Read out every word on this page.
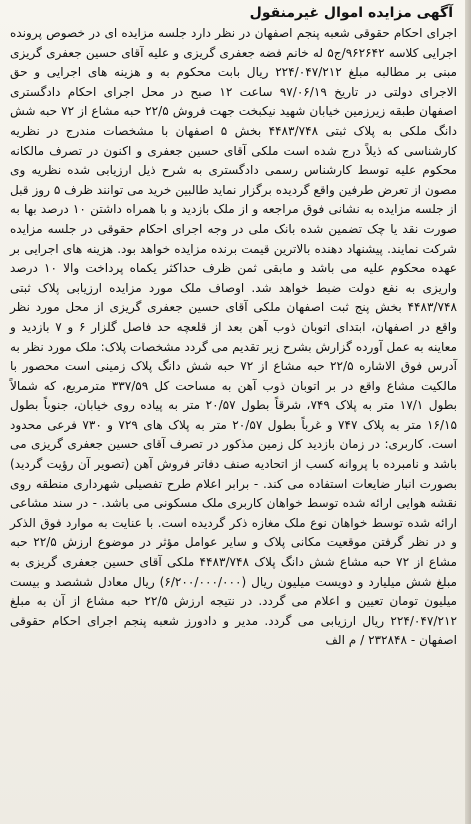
آگهی مزایده اموال غیرمنقول

اجرای احکام حقوقی شعبه پنجم اصفهان در نظر دارد جلسه مزایده ای در خصوص پرونده اجرایی کلاسه ۹۶۲۶۴۲/ج۵ له خانم فضه جعفری گریزی و علیه آقای حسین جعفری گریزی مبنی بر مطالبه مبلغ ۲۲۴/۰۴۷/۲۱۲ ریال بابت محکوم به و هزینه های اجرایی و حق الاجرای دولتی در تاریخ ۹۷/۰۶/۱۹ ساعت ۱۲ صبح در محل اجرای احکام دادگستری اصفهان طبقه زیرزمین خیابان شهید نیکبخت جهت فروش ۲۲/۵ حبه مشاع از ۷۲ حبه شش دانگ ملکی به پلاک ثبتی ۴۴۸۳/۷۴۸ بخش ۵ اصفهان با مشخصات مندرج در نظریه کارشناسی که ذیلاً درج شده است ملکی آقای حسین جعفری و اکنون در تصرف مالکانه محکوم علیه توسط کارشناس رسمی دادگستری به شرح ذیل ارزیابی شده نظریه وی مصون از تعرض طرفین واقع گردیده برگزار نماید طالبین خرید می توانند ظرف ۵ روز قبل از جلسه مزایده به نشانی فوق مراجعه و از ملک بازدید و با همراه داشتن ۱۰ درصد بها به صورت نقد یا چک تضمین شده بانک ملی در وجه اجرای احکام حقوقی در جلسه مزایده شرکت نمایند. پیشنهاد دهنده بالاترین قیمت برنده مزایده خواهد بود. هزینه های اجرایی بر عهده محکوم علیه می باشد و مابقی ثمن ظرف حداکثر یکماه پرداخت والا ۱۰ درصد واریزی به نفع دولت ضبط خواهد شد. اوصاف ملک مورد مزایده ارزیابی پلاک ثبتی ۴۴۸۳/۷۴۸ بخش پنج ثبت اصفهان ملکی آقای حسین جعفری گریزی از محل مورد نظر واقع در اصفهان، ابتدای اتوبان ذوب آهن بعد از قلعچه حد فاصل گلزار ۶ و ۷ بازدید و معاینه به عمل آورده گزارش بشرح زیر تقدیم می گردد مشخصات پلاک: ملک مورد نظر به آدرس فوق الاشاره ۲۲/۵ حبه مشاع از ۷۲ حبه شش دانگ پلاک زمینی است محصور با مالکیت مشاع واقع در بر اتوبان ذوب آهن به مساحت کل ۳۳۷/۵۹ مترمربع، که شمالاً بطول ۱۷/۱ متر به پلاک ۷۴۹، شرقاً بطول ۲۰/۵۷ متر به پیاده روی خیابان، جنوباً بطول ۱۶/۱۵ متر به پلاک ۷۴۷ و غرباً بطول ۲۰/۵۷ متر به پلاک های ۷۲۹ و ۷۳۰ فرعی محدود است. کاربری: در زمان بازدید کل زمین مذکور در تصرف آقای حسین جعفری گریزی می باشد و نامبرده با پروانه کسب از اتحادیه صنف دفاتر فروش آهن (تصویر آن رؤیت گردید) بصورت انبار ضایعات استفاده می کند. - برابر اعلام طرح تفصیلی شهرداری منطقه روی نقشه هوایی ارائه شده توسط خواهان کاربری ملک مسکونی می باشد. - در سند مشاعی ارائه شده توسط خواهان نوع ملک مغازه ذکر گردیده است. با عنایت به موارد فوق الذکر و در نظر گرفتن موقعیت مکانی پلاک و سایر عوامل مؤثر در موضوع ارزش ۲۲/۵ حبه مشاع از ۷۲ حبه مشاع شش دانگ پلاک ۴۴۸۳/۷۴۸ ملکی آقای حسین جعفری گریزی به مبلغ شش میلیارد و دویست میلیون ریال (۶/۲۰۰/۰۰۰/۰۰۰) ریال معادل ششصد و بیست میلیون تومان تعیین و اعلام می گردد. در نتیجه ارزش ۲۲/۵ حبه مشاع از آن به مبلغ ۲۲۴/۰۴۷/۲۱۲ ریال ارزیابی می گردد. مدیر و دادورز شعبه پنجم اجرای احکام حقوقی اصفهان - ۲۳۲۸۴۸ / م الف
